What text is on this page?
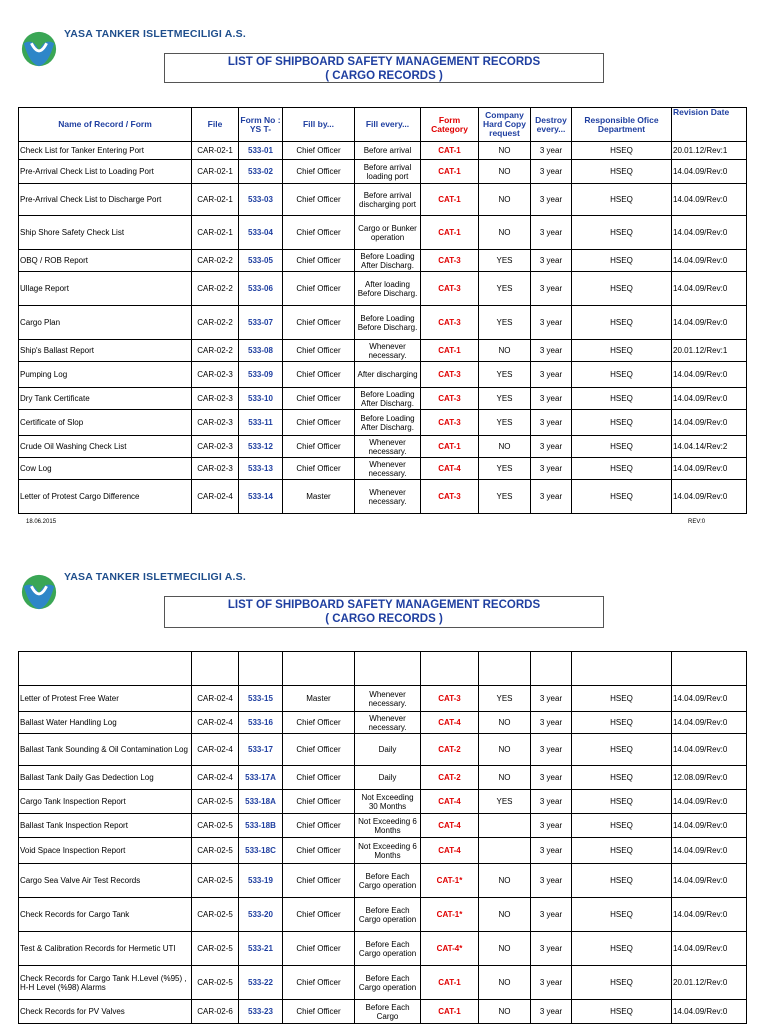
YASA TANKER ISLETMECILIGI A.S.
LIST OF SHIPBOARD SAFETY MANAGEMENT RECORDS
( CARGO RECORDS )
Name of Record / Form	File	Form No : YS T-	Fill by...	Fill every...	Form Category	Company Hard Copy request	Destroy every...	Responsible Ofice Department	Revision Date
Check List for Tanker Entering Port	CAR-02-1	533-01	Chief Officer	Before arrival	CAT-1	NO	3 year	HSEQ	20.01.12/Rev:1
Pre-Arrival Check List to Loading Port	CAR-02-1	533-02	Chief Officer	Before arrival loading port	CAT-1	NO	3 year	HSEQ	14.04.09/Rev:0
Pre-Arrival Check List to Discharge Port	CAR-02-1	533-03	Chief Officer	Before arrival discharging port	CAT-1	NO	3 year	HSEQ	14.04.09/Rev:0
Ship Shore Safety Check List	CAR-02-1	533-04	Chief Officer	Cargo or Bunker operation	CAT-1	NO	3 year	HSEQ	14.04.09/Rev:0
OBQ / ROB Report	CAR-02-2	533-05	Chief Officer	Before Loading After Discharg.	CAT-3	YES	3 year	HSEQ	14.04.09/Rev:0
Ullage Report	CAR-02-2	533-06	Chief Officer	After loading Before Discharg.	CAT-3	YES	3 year	HSEQ	14.04.09/Rev:0
Cargo Plan	CAR-02-2	533-07	Chief Officer	Before Loading Before Discharg.	CAT-3	YES	3 year	HSEQ	14.04.09/Rev:0
Ship's Ballast Report	CAR-02-2	533-08	Chief Officer	Whenever necessary.	CAT-1	NO	3 year	HSEQ	20.01.12/Rev:1
Pumping Log	CAR-02-3	533-09	Chief Officer	After discharging	CAT-3	YES	3 year	HSEQ	14.04.09/Rev:0
Dry Tank Certificate	CAR-02-3	533-10	Chief Officer	Before Loading After Discharg.	CAT-3	YES	3 year	HSEQ	14.04.09/Rev:0
Certificate of Slop	CAR-02-3	533-11	Chief Officer	Before Loading After Discharg.	CAT-3	YES	3 year	HSEQ	14.04.09/Rev:0
Crude Oil Washing Check List	CAR-02-3	533-12	Chief Officer	Whenever necessary.	CAT-1	NO	3 year	HSEQ	14.04.14/Rev:2
Cow Log	CAR-02-3	533-13	Chief Officer	Whenever necessary.	CAT-4	YES	3 year	HSEQ	14.04.09/Rev:0
Letter of Protest Cargo Difference	CAR-02-4	533-14	Master	Whenever necessary.	CAT-3	YES	3 year	HSEQ	14.04.09/Rev:0
18.06.2015	REV:0
YASA TANKER ISLETMECILIGI A.S.
LIST OF SHIPBOARD SAFETY MANAGEMENT RECORDS
( CARGO RECORDS )

Letter of Protest Free Water	CAR-02-4	533-15	Master	Whenever necessary.	CAT-3	YES	3 year	HSEQ	14.04.09/Rev:0
Ballast Water Handling Log	CAR-02-4	533-16	Chief Officer	Whenever necessary.	CAT-4	NO	3 year	HSEQ	14.04.09/Rev:0
Ballast Tank Sounding & Oil Contamination Log	CAR-02-4	533-17	Chief Officer	Daily	CAT-2	NO	3 year	HSEQ	14.04.09/Rev:0
Ballast Tank Daily Gas Dedection Log	CAR-02-4	533-17A	Chief Officer	Daily	CAT-2	NO	3 year	HSEQ	12.08.09/Rev:0
Cargo Tank Inspection Report	CAR-02-5	533-18A	Chief Officer	Not Exceeding 30 Months	CAT-4	YES	3 year	HSEQ	14.04.09/Rev:0
Ballast Tank Inspection Report	CAR-02-5	533-18B	Chief Officer	Not Exceeding 6 Months	CAT-4		3 year	HSEQ	14.04.09/Rev:0
Void Space Inspection Report	CAR-02-5	533-18C	Chief Officer	Not Exceeding 6 Months	CAT-4		3 year	HSEQ	14.04.09/Rev:0
Cargo Sea Valve Air Test Records	CAR-02-5	533-19	Chief Officer	Before Each Cargo operation	CAT-1*	NO	3 year	HSEQ	14.04.09/Rev:0
Check Records for Cargo Tank	CAR-02-5	533-20	Chief Officer	Before Each Cargo operation	CAT-1*	NO	3 year	HSEQ	14.04.09/Rev:0
Test & Calibration Records for Hermetic UTI	CAR-02-5	533-21	Chief Officer	Before Each Cargo operation	CAT-4*	NO	3 year	HSEQ	14.04.09/Rev:0
Check Records for Cargo Tank H.Level (%95) , H-H Level (%98) Alarms	CAR-02-5	533-22	Chief Officer	Before Each Cargo operation	CAT-1	NO	3 year	HSEQ	20.01.12/Rev:0
Check Records for PV Valves	CAR-02-6	533-23	Chief Officer	Before Each Cargo	CAT-1	NO	3 year	HSEQ	14.04.09/Rev:0
